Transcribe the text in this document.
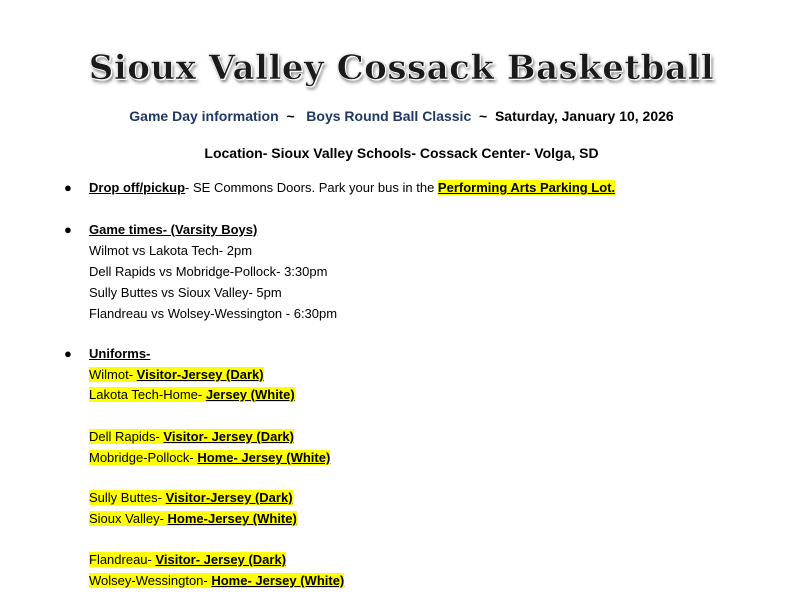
Sioux Valley Cossack Basketball
Game Day information  ~   Boys Round Ball Classic  ~  Saturday, January 10, 2026
Location- Sioux Valley Schools- Cossack Center- Volga, SD
● Drop off/pickup- SE Commons Doors. Park your bus in the Performing Arts Parking Lot.
● Game times- (Varsity Boys)
Wilmot vs Lakota Tech- 2pm
Dell Rapids vs Mobridge-Pollock- 3:30pm
Sully Buttes vs Sioux Valley- 5pm
Flandreau vs Wolsey-Wessington - 6:30pm
● Uniforms-
Wilmot- Visitor-Jersey (Dark)
Lakota Tech-Home- Jersey (White)
Dell Rapids- Visitor- Jersey (Dark)
Mobridge-Pollock- Home- Jersey (White)
Sully Buttes- Visitor-Jersey (Dark)
Sioux Valley- Home-Jersey (White)
Flandreau- Visitor- Jersey (Dark)
Wolsey-Wessington- Home- Jersey (White)
